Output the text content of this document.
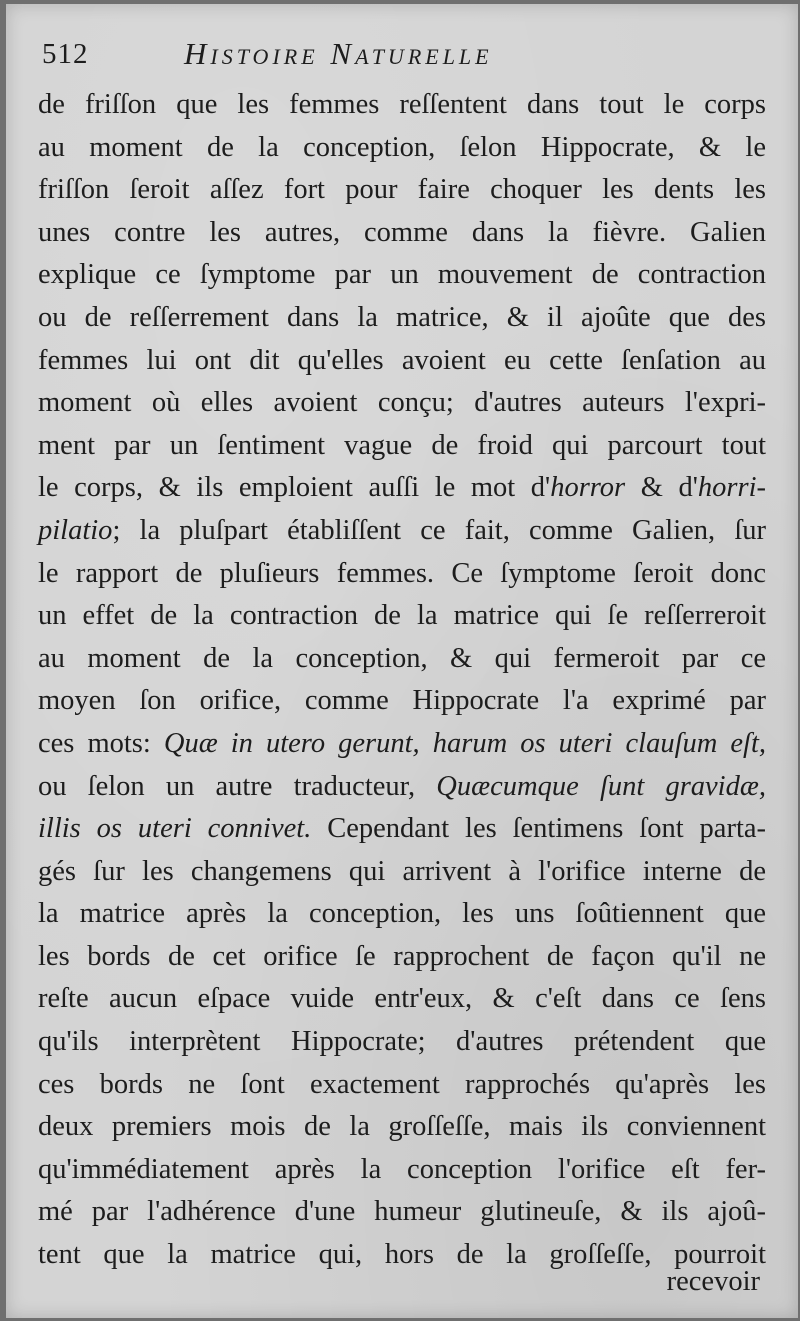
512	Histoire Naturelle
de friſſon que les femmes reſſentent dans tout le corps
au moment de la conception, ſelon Hippocrate, & le
friſſon ſeroit aſſez fort pour faire choquer les dents les
unes contre les autres, comme dans la fièvre. Galien
explique ce ſymptome par un mouvement de contraction
ou de reſſerrement dans la matrice, & il ajoûte que des
femmes lui ont dit qu'elles avoient eu cette ſenſation au
moment où elles avoient conçu; d'autres auteurs l'expri-
ment par un ſentiment vague de froid qui parcourt tout
le corps, & ils emploient auſſi le mot d'horror & d'horri-
pilatio; la pluſpart établiſſent ce fait, comme Galien, ſur
le rapport de pluſieurs femmes. Ce ſymptome ſeroit donc
un effet de la contraction de la matrice qui ſe reſſerreroit
au moment de la conception, & qui fermeroit par ce
moyen ſon orifice, comme Hippocrate l'a exprimé par
ces mots: Quæ in utero gerunt, harum os uteri clauſum eſt,
ou ſelon un autre traducteur, Quæcumque ſunt gravidæ,
illis os uteri connivet. Cependant les ſentimens ſont parta-
gés ſur les changemens qui arrivent à l'orifice interne de
la matrice après la conception, les uns ſoûtiennent que
les bords de cet orifice ſe rapprochent de façon qu'il ne
reſte aucun eſpace vuide entr'eux, & c'eſt dans ce ſens
qu'ils interprètent Hippocrate; d'autres prétendent que
ces bords ne ſont exactement rapprochés qu'après les
deux premiers mois de la groſſeſſe, mais ils conviennent
qu'immédiatement après la conception l'orifice eſt fer-
mé par l'adhérence d'une humeur glutineuſe, & ils ajoû-
tent que la matrice qui, hors de la groſſeſſe, pourroit
recevoir
